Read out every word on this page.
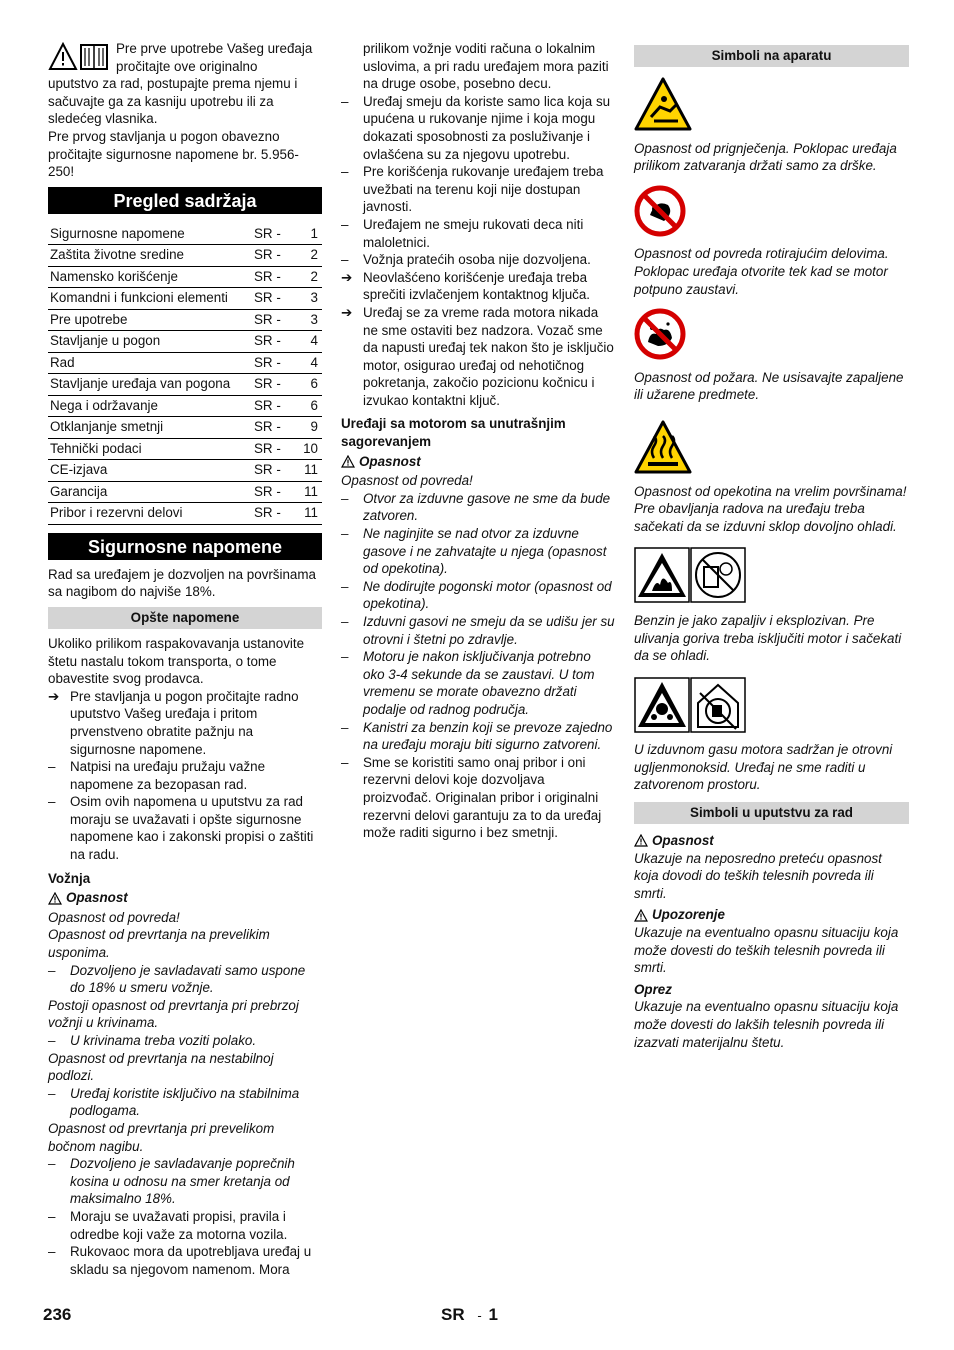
Pre prve upotrebe Vašeg uređaja pročitajte ove originalno

uputstvo za rad, postupajte prema njemu i sačuvajte ga za kasniju upotrebu ili za sledećeg vlasnika.

Pre prvog stavljanja u pogon obavezno pročitajte sigurnosne napomene br. 5.956-250!

Pregled sadržaja
Sigurnosne napomene	SR -	1
Zaštita životne sredine	SR -	2
Namensko korišćenje	SR -	2
Komandni i funkcioni elementi	SR -	3
Pre upotrebe	SR -	3
Stavljanje u pogon	SR -	4
Rad	SR -	4
Stavljanje uređaja van pogona	SR -	6
Nega i održavanje	SR -	6
Otklanjanje smetnji	SR -	9
Tehnički podaci	SR -	10
CE-izjava	SR -	11
Garancija	SR -	11
Pribor i rezervni delovi	SR -	11
Sigurnosne napomene

Rad sa uređajem je dozvoljen na površinama sa nagibom do najviše 18%.

Opšte napomene

Ukoliko prilikom raspakovavanja ustanovite štetu nastalu tokom transporta, o tome obavestite svog prodavca.

➔ Pre stavljanja u pogon pročitajte radno uputstvo Vašeg uređaja i pritom prvenstveno obratite pažnju na sigurnosne napomene.

–	Natpisi na uređaju pružaju važne napomene za bezopasan rad.

–	Osim ovih napomena u uputstvu za rad moraju se uvažavati i opšte sigurnosne napomene kao i zakonski propisi o zaštiti na radu.

Vožnja

Opasnost

Opasnost od povreda!

Opasnost od prevrtanja na prevelikim usponima.

–	Dozvoljeno je savladavati samo uspone do 18% u smeru vožnje.

Postoji opasnost od prevrtanja pri prebrzoj vožnji u krivinama.

–	U krivinama treba voziti polako.

Opasnost od prevrtanja na nestabilnoj podlozi.

–	Uređaj koristite isključivo na stabilnima podlogama.

Opasnost od prevrtanja pri prevelikom bočnom nagibu.

–	Dozvoljeno je savladavanje poprečnih kosina u odnosu na smer kretanja od maksimalno 18%.

–	Moraju se uvažavati propisi, pravila i odredbe koji važe za motorna vozila.

–	Rukovaoc mora da upotrebljava uređaj u skladu sa njegovom namenom. Mora

prilikom vožnje voditi računa o lokalnim uslovima, a pri radu uređajem mora paziti na druge osobe, posebno decu.

–	Uređaj smeju da koriste samo lica koja su upućena u rukovanje njime i koja mogu dokazati sposobnosti za posluživanje i ovlašćena su za njegovu upotrebu.

–	Pre korišćenja rukovanje uređajem treba uvežbati na terenu koji nije dostupan javnosti.

–	Uređajem ne smeju rukovati deca niti maloletnici.

–	Vožnja pratećih osoba nije dozvoljena.

➔ Neovlašćeno korišćenje uređaja treba sprečiti izvlačenjem kontaktnog ključa.

➔ Uređaj se za vreme rada motora nikada ne sme ostaviti bez nadzora. Vozač sme da napusti uređaj tek nakon što je isključio motor, osigurao uređaj od nehotičnog pokretanja, zakočio pozicionu kočnicu i izvukao kontaktni ključ.

Uređaji sa motorom sa unutrašnjim sagorevanjem

Opasnost

Opasnost od povreda!

–	Otvor za izduvne gasove ne sme da bude zatvoren.

–	Ne naginjite se nad otvor za izduvne gasove i ne zahvatajte u njega (opasnost od opekotina).

–	Ne dodirujte pogonski motor (opasnost od opekotina).

–	Izduvni gasovi ne smeju da se udišu jer su otrovni i štetni po zdravlje.

–	Motoru je nakon isključivanja potrebno oko 3-4 sekunde da se zaustavi. U tom vremenu se morate obavezno držati podalje od radnog područja.

–	Kanistri za benzin koji se prevoze zajedno na uređaju moraju biti sigurno zatvoreni.

–	Sme se koristiti samo onaj pribor i oni rezervni delovi koje dozvoljava proizvođač. Originalan pribor i originalni rezervni delovi garantuju za to da uređaj može raditi sigurno i bez smetnji.

Simboli na aparatu

Opasnost od prignječenja. Poklopac uređaja prilikom zatvaranja držati samo za drške.

Opasnost od povreda rotirajućim delovima. Poklopac uređaja otvorite tek kad se motor potpuno zaustavi.

Opasnost od požara. Ne usisavajte zapaljene ili užarene predmete.

Opasnost od opekotina na vrelim površinama! Pre obavljanja radova na uređaju treba sačekati da se izduvni sklop dovoljno ohladi.

Benzin je jako zapaljiv i eksplozivan. Pre ulivanja goriva treba isključiti motor i sačekati da se ohladi.

U izduvnom gasu motora sadržan je otrovni ugljenmonoksid. Uređaj ne sme raditi u zatvorenom prostoru.

Simboli u uputstvu za rad
Opasnost

Ukazuje na neposredno preteću opasnost koja dovodi do teških telesnih povreda ili smrti.

Upozorenje

Ukazuje na eventualno opasnu situaciju koja može dovesti do teških telesnih povreda ili smrti.

Oprez

Ukazuje na eventualno opasnu situaciju koja može dovesti do lakših telesnih povreda ili izazvati materijalnu štetu.

236	SR - 1
